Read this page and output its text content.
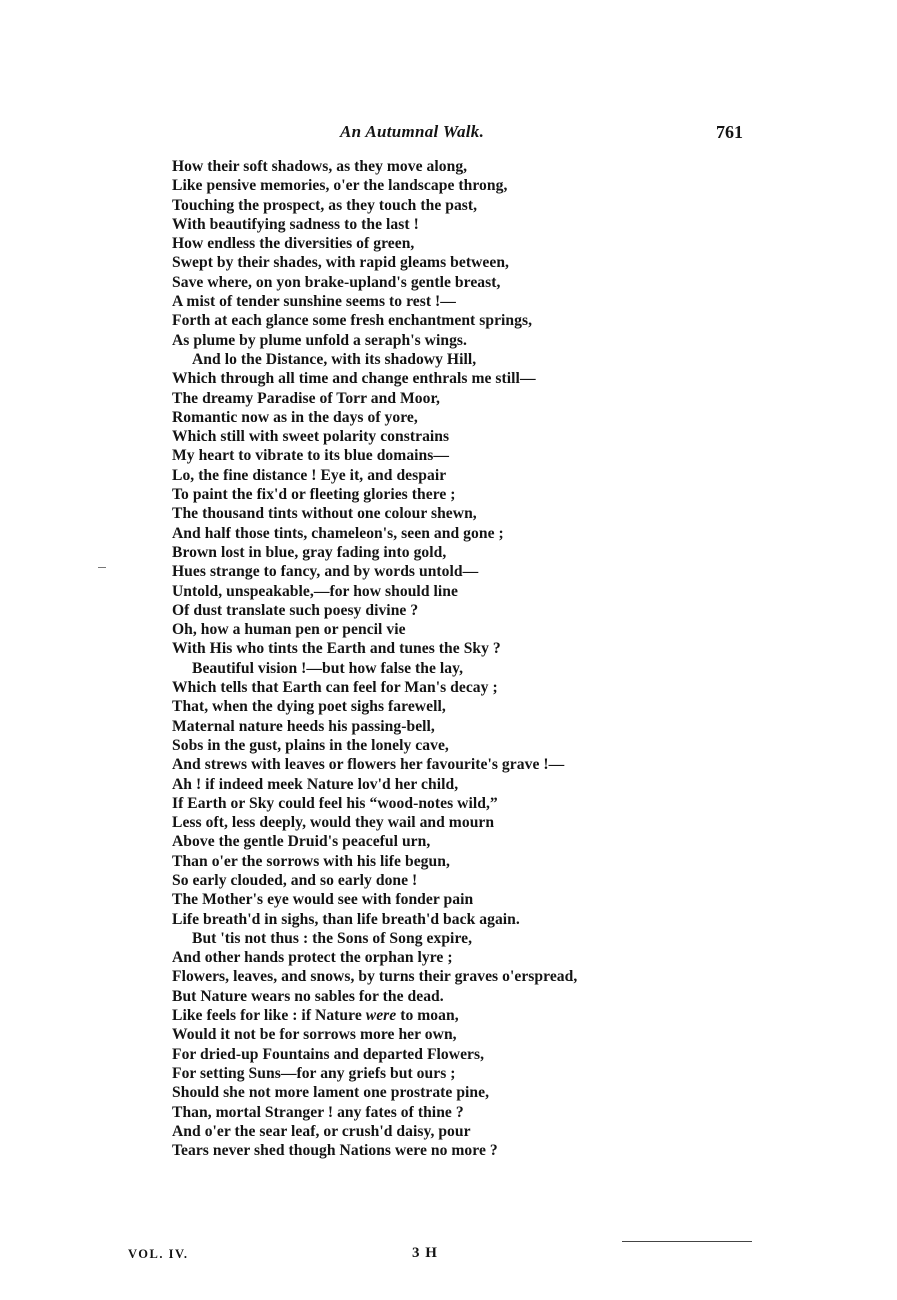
An Autumnal Walk.	761
How their soft shadows, as they move along,
Like pensive memories, o'er the landscape throng,
Touching the prospect, as they touch the past,
With beautifying sadness to the last !
How endless the diversities of green,
Swept by their shades, with rapid gleams between,
Save where, on yon brake-upland's gentle breast,
A mist of tender sunshine seems to rest !—
Forth at each glance some fresh enchantment springs,
As plume by plume unfold a seraph's wings.
And lo the Distance, with its shadowy Hill,
Which through all time and change enthrals me still—
The dreamy Paradise of Torr and Moor,
Romantic now as in the days of yore,
Which still with sweet polarity constrains
My heart to vibrate to its blue domains—
Lo, the fine distance ! Eye it, and despair
To paint the fix'd or fleeting glories there ;
The thousand tints without one colour shewn,
And half those tints, chameleon's, seen and gone ;
Brown lost in blue, gray fading into gold,
Hues strange to fancy, and by words untold—
Untold, unspeakable,—for how should line
Of dust translate such poesy divine ?
Oh, how a human pen or pencil vie
With His who tints the Earth and tunes the Sky ?
Beautiful vision !—but how false the lay,
Which tells that Earth can feel for Man's decay ;
That, when the dying poet sighs farewell,
Maternal nature heeds his passing-bell,
Sobs in the gust, plains in the lonely cave,
And strews with leaves or flowers her favourite's grave !—
Ah ! if indeed meek Nature lov'd her child,
If Earth or Sky could feel his “wood-notes wild,”
Less oft, less deeply, would they wail and mourn
Above the gentle Druid's peaceful urn,
Than o'er the sorrows with his life begun,
So early clouded, and so early done !
The Mother's eye would see with fonder pain
Life breath'd in sighs, than life breath'd back again.
But 'tis not thus : the Sons of Song expire,
And other hands protect the orphan lyre ;
Flowers, leaves, and snows, by turns their graves o'erspread,
But Nature wears no sables for the dead.
Like feels for like : if Nature were to moan,
Would it not be for sorrows more her own,
For dried-up Fountains and departed Flowers,
For setting Suns—for any griefs but ours ;
Should she not more lament one prostrate pine,
Than, mortal Stranger ! any fates of thine ?
And o'er the sear leaf, or crush'd daisy, pour
Tears never shed though Nations were no more ?
VOL. IV.	3 H
